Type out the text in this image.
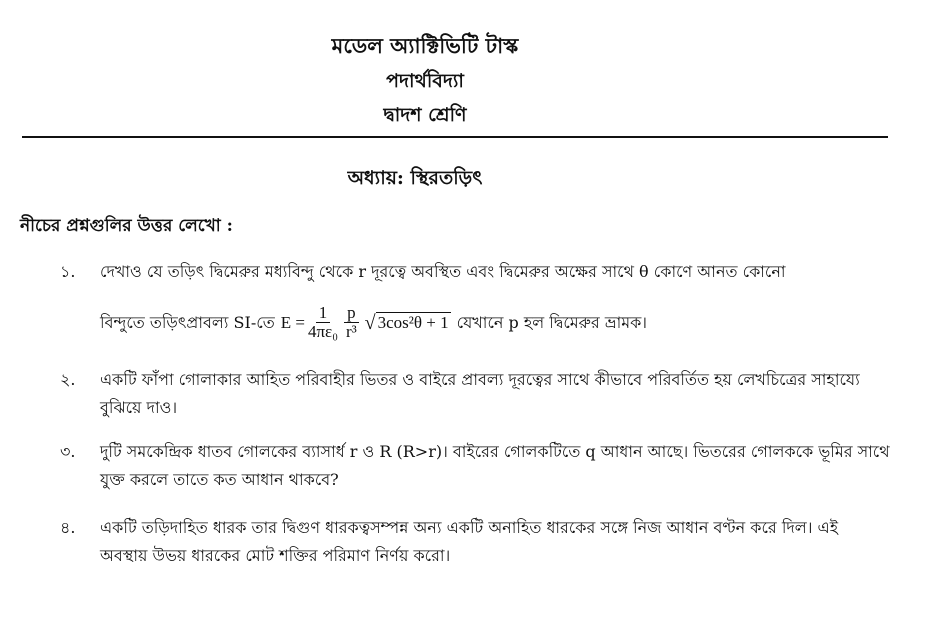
মডেল অ্যাক্টিভিটি টাস্ক
পদার্থবিদ্যা
দ্বাদশ শ্রেণি
অধ্যায়: স্থিরতড়িৎ
নীচের প্রশ্নগুলির উত্তর লেখো :
১.	দেখাও যে তড়িৎ দ্বিমেরুর মধ্যবিন্দু থেকে r দূরত্বে অবস্থিত এবং দ্বিমেরুর অক্ষের সাথে θ কোণে আনত কোনো
বিন্দুতে তড়িৎপ্রাবল্য SI-তে $E = \frac{1}{\text{4πε₀}} \frac{p}{\text{r³}}$ √ 3cos²θ + 1 যেখানে p হল দ্বিমেরুর ভ্রামক।
২.	একটি ফাঁপা গোলাকার আহিত পরিবাহীর ভিতর ও বাইরে প্রাবল্য দূরত্বের সাথে কীভাবে পরিবর্তিত হয় লেখচিত্রের সাহায্যে বুঝিয়ে দাও।
৩.	দুটি সমকেন্দ্রিক ধাতব গোলকের ব্যাসার্ধ r ও R (R>r)। বাইরের গোলকটিতে q আধান আছে। ভিতরের গোলককে ভূমির সাথে যুক্ত করলে তাতে কত আধান থাকবে?
৪.	একটি তড়িদাহিত ধারক তার দ্বিগুণ ধারকত্বসম্পন্ন অন্য একটি অনাহিত ধারকের সঙ্গে নিজ আধান বণ্টন করে দিল। এই অবস্থায় উভয় ধারকের মোট শক্তির পরিমাণ নির্ণয় করো।
